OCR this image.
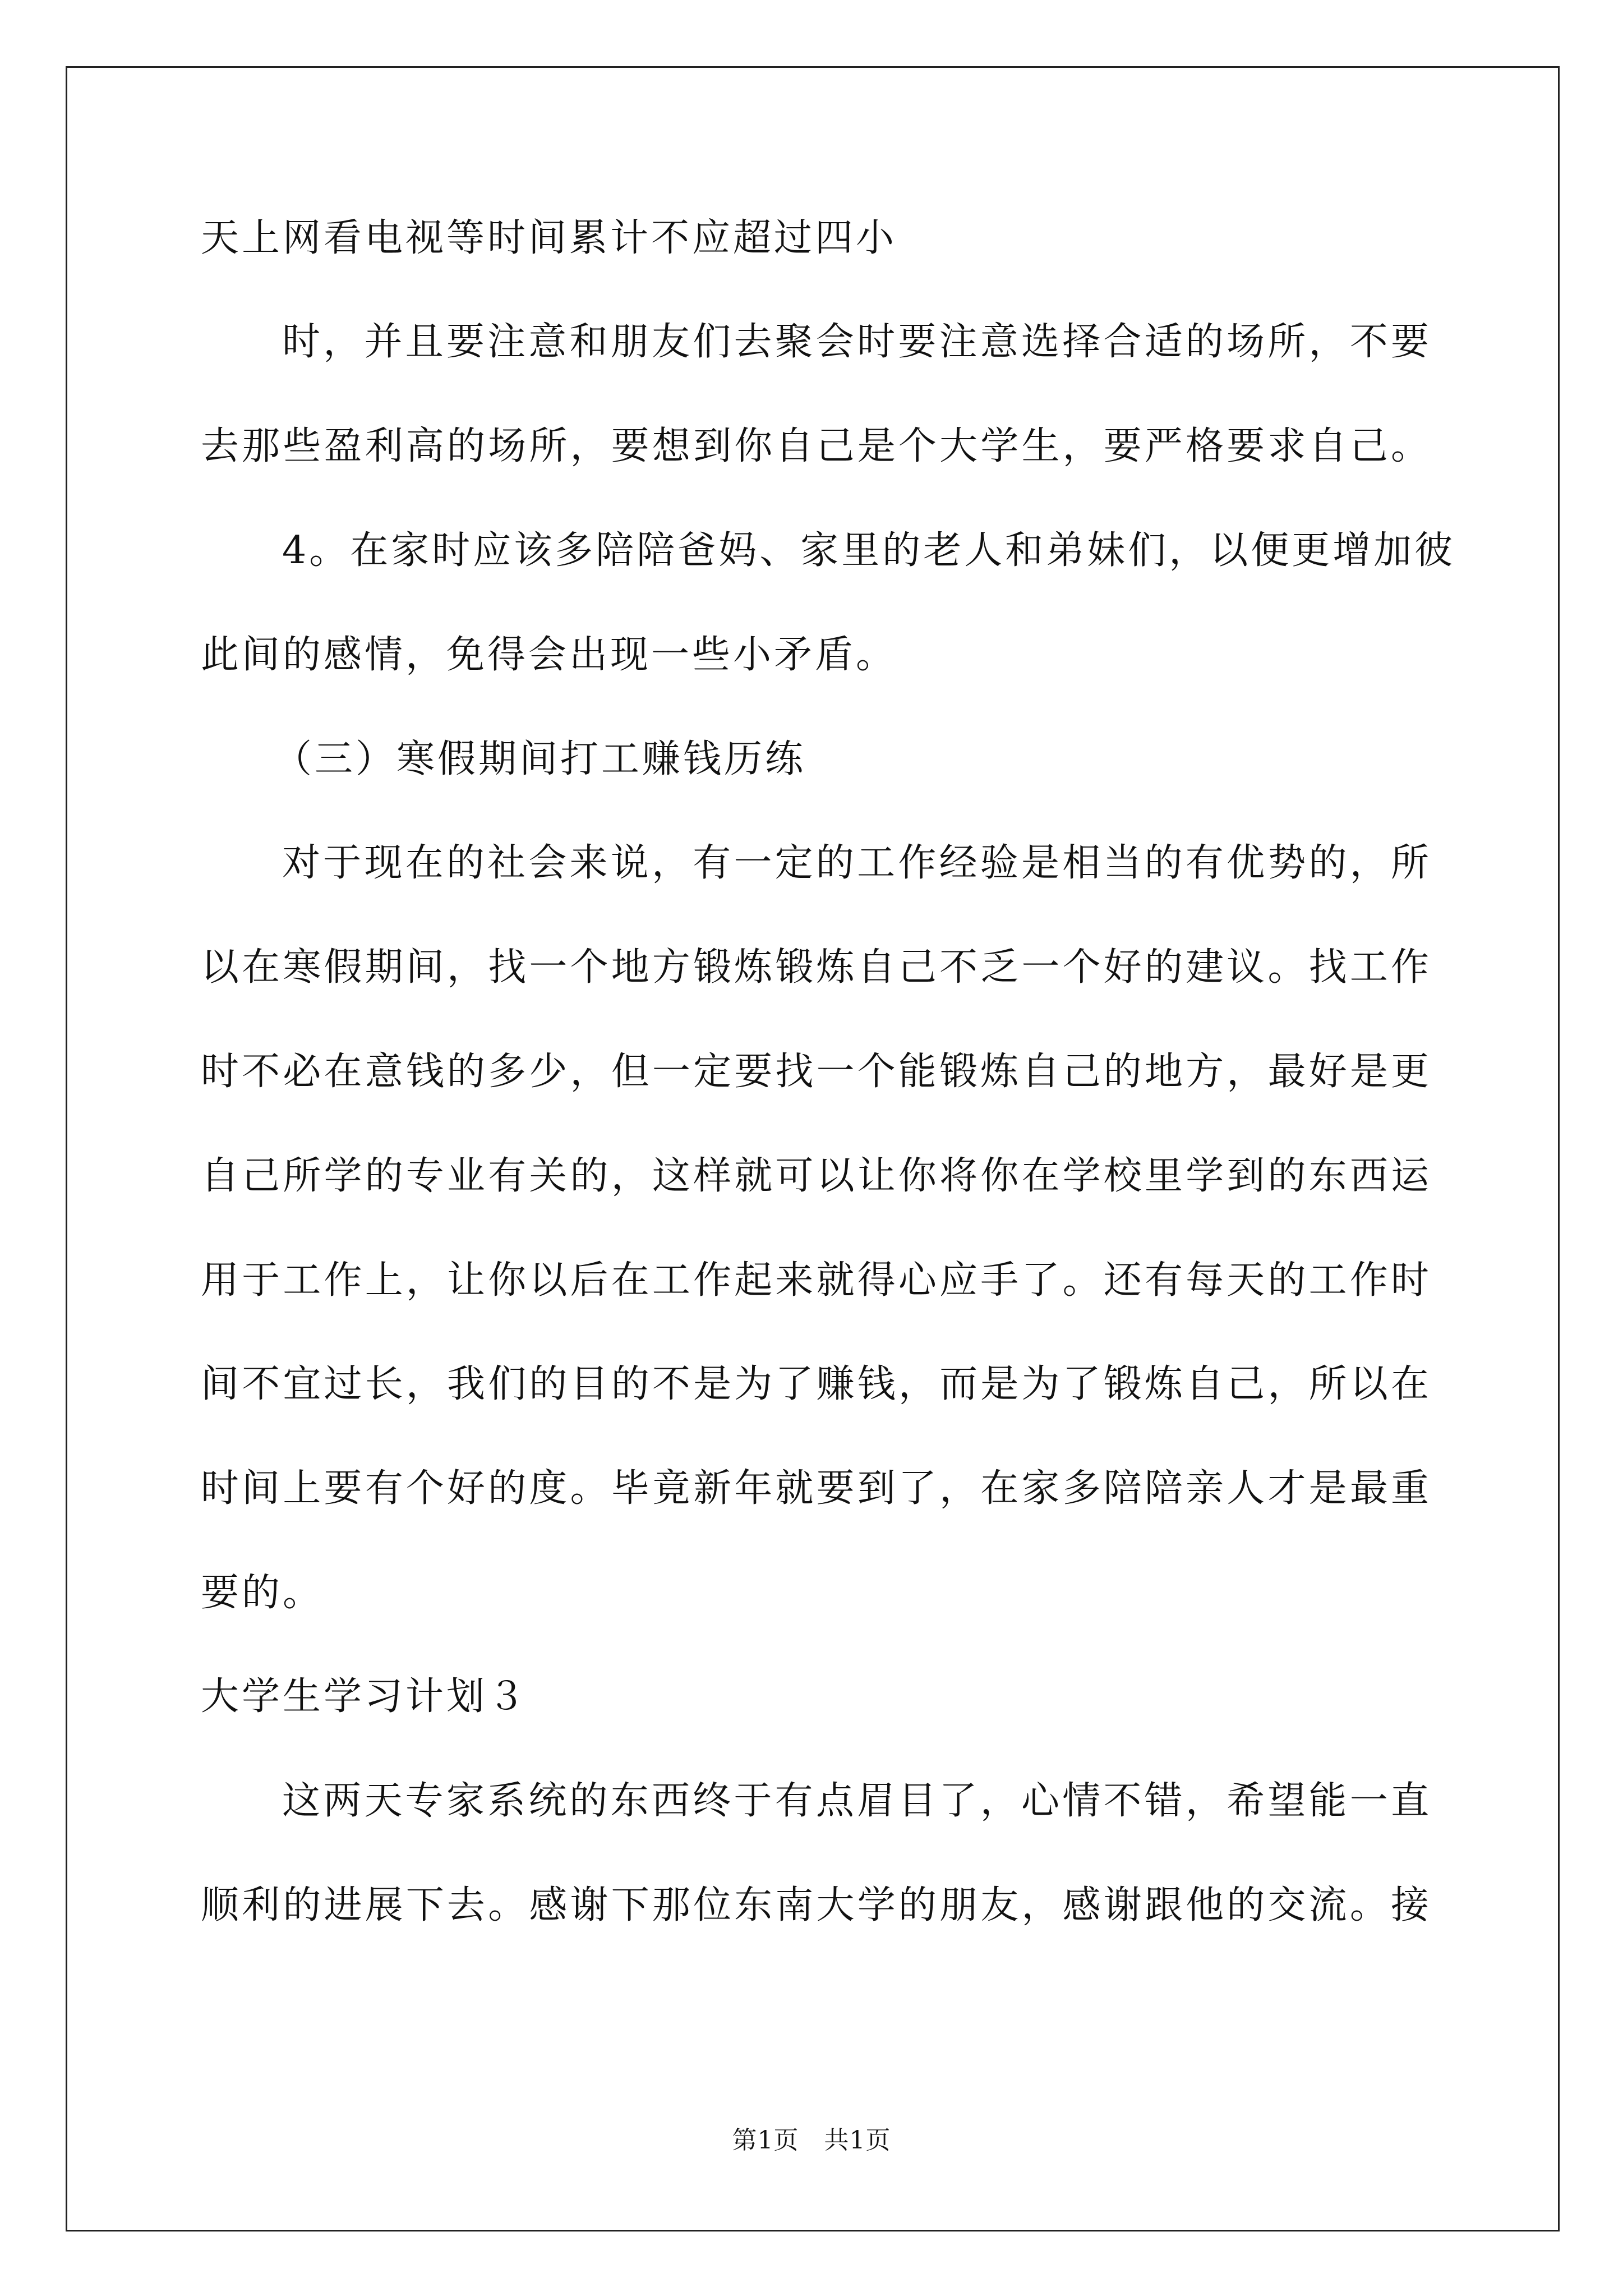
天上网看电视等时间累计不应超过四小
时，并且要注意和朋友们去聚会时要注意选择合适的场所，不要
去那些盈利高的场所，要想到你自己是个大学生，要严格要求自己。
4。在家时应该多陪陪爸妈、家里的老人和弟妹们，以便更增加彼
此间的感情，免得会出现一些小矛盾。
（三）寒假期间打工赚钱历练
对于现在的社会来说，有一定的工作经验是相当的有优势的，所
以在寒假期间，找一个地方锻炼锻炼自己不乏一个好的建议。找工作
时不必在意钱的多少，但一定要找一个能锻炼自己的地方，最好是更
自己所学的专业有关的，这样就可以让你将你在学校里学到的东西运
用于工作上，让你以后在工作起来就得心应手了。还有每天的工作时
间不宜过长，我们的目的不是为了赚钱，而是为了锻炼自己，所以在
时间上要有个好的度。毕竟新年就要到了，在家多陪陪亲人才是最重
要的。
大学生学习计划３
这两天专家系统的东西终于有点眉目了，心情不错，希望能一直
顺利的进展下去。感谢下那位东南大学的朋友，感谢跟他的交流。接
第1页　共1页
